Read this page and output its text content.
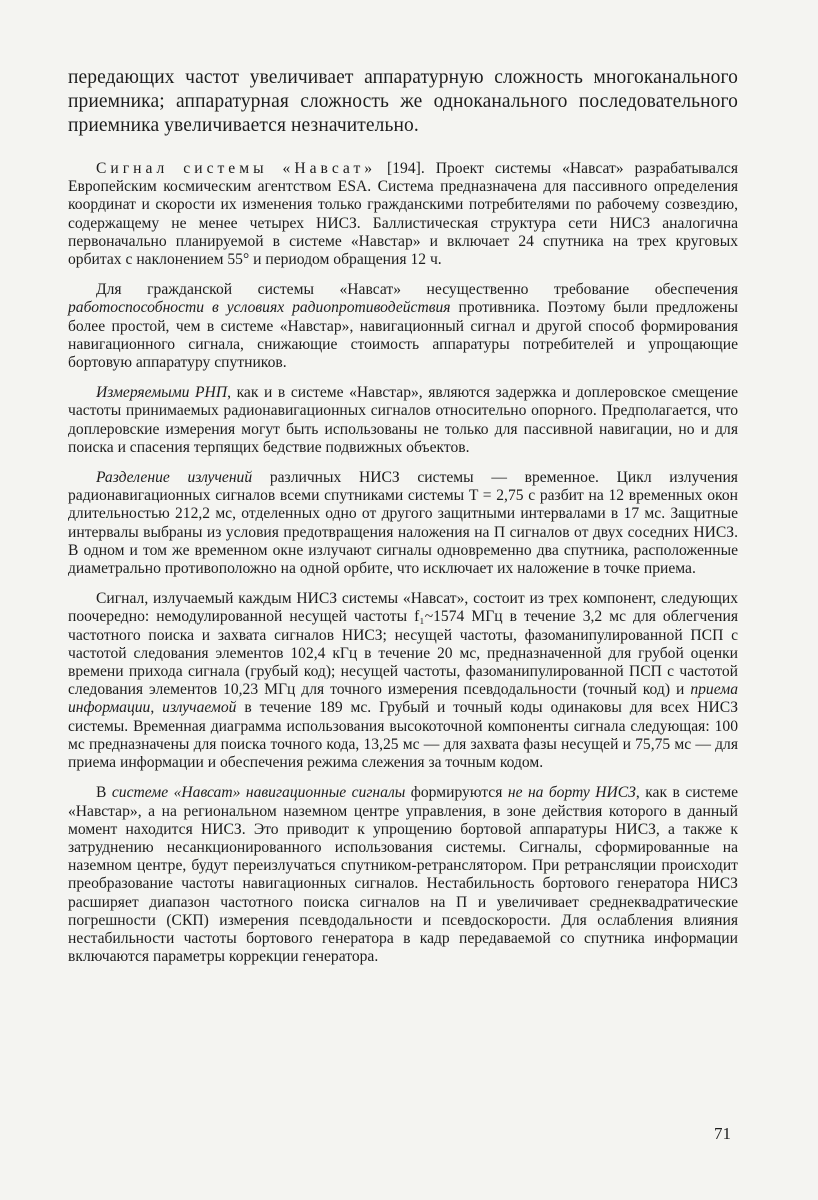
передающих частот увеличивает аппаратурную сложность многоканального приемника; аппаратурная сложность же одноканального последовательного приемника увеличивается незначительно.

Сигнал системы «Навсат» [194]. Проект системы «Навсат» разрабатывался Европейским космическим агентством ESA. Система предназначена для пассивного определения координат и скорости их изменения только гражданскими потребителями по рабочему созвездию, содержащему не менее четырех НИСЗ. Баллистическая структура сети НИСЗ аналогична первоначально планируемой в системе «Навстар» и включает 24 спутника на трех круговых орбитах с наклонением 55° и периодом обращения 12 ч.

Для гражданской системы «Навсат» несущественно требование обеспечения работоспособности в условиях радиопротиводействия противника. Поэтому были предложены более простой, чем в системе «Навстар», навигационный сигнал и другой способ формирования навигационного сигнала, снижающие стоимость аппаратуры потребителей и упрощающие бортовую аппаратуру спутников.

Измеряемыми РНП, как и в системе «Навстар», являются задержка и доплеровское смещение частоты принимаемых радионавигационных сигналов относительно опорного. Предполагается, что доплеровские измерения могут быть использованы не только для пассивной навигации, но и для поиска и спасения терпящих бедствие подвижных объектов.

Разделение излучений различных НИСЗ системы — временное. Цикл излучения радионавигационных сигналов всеми спутниками системы T = 2,75 с разбит на 12 временных окон длительностью 212,2 мс, отделенных одно от другого защитными интервалами в 17 мс. Защитные интервалы выбраны из условия предотвращения наложения на П сигналов от двух соседних НИСЗ. В одном и том же временном окне излучают сигналы одновременно два спутника, расположенные диаметрально противоположно на одной орбите, что исключает их наложение в точке приема.

Сигнал, излучаемый каждым НИСЗ системы «Навсат», состоит из трех компонент, следующих поочередно: немодулированной несущей частоты f₁~1574 МГц в течение 3,2 мс для облегчения частотного поиска и захвата сигналов НИСЗ; несущей частоты, фазоманипулированной ПСП с частотой следования элементов 102,4 кГц в течение 20 мс, предназначенной для грубой оценки времени прихода сигнала (грубый код); несущей частоты, фазоманипулированной ПСП с частотой следования элементов 10,23 МГц для точного измерения псевдодальности (точный код) и приема информации, излучаемой в течение 189 мс. Грубый и точный коды одинаковы для всех НИСЗ системы. Временная диаграмма использования высокоточной компоненты сигнала следующая: 100 мс предназначены для поиска точного кода, 13,25 мс — для захвата фазы несущей и 75,75 мс — для приема информации и обеспечения режима слежения за точным кодом.

В системе «Навсат» навигационные сигналы формируются не на борту НИСЗ, как в системе «Навстар», а на региональном наземном центре управления, в зоне действия которого в данный момент находится НИСЗ. Это приводит к упрощению бортовой аппаратуры НИСЗ, а также к затруднению несанкционированного использования системы. Сигналы, сформированные на наземном центре, будут переизлучаться спутником-ретранслятором. При ретрансляции происходит преобразование частоты навигационных сигналов. Нестабильность бортового генератора НИСЗ расширяет диапазон частотного поиска сигналов на П и увеличивает среднеквадратические погрешности (СКП) измерения псевдодальности и псевдоскорости. Для ослабления влияния нестабильности частоты бортового генератора в кадр передаваемой со спутника информации включаются параметры коррекции генератора.

71
